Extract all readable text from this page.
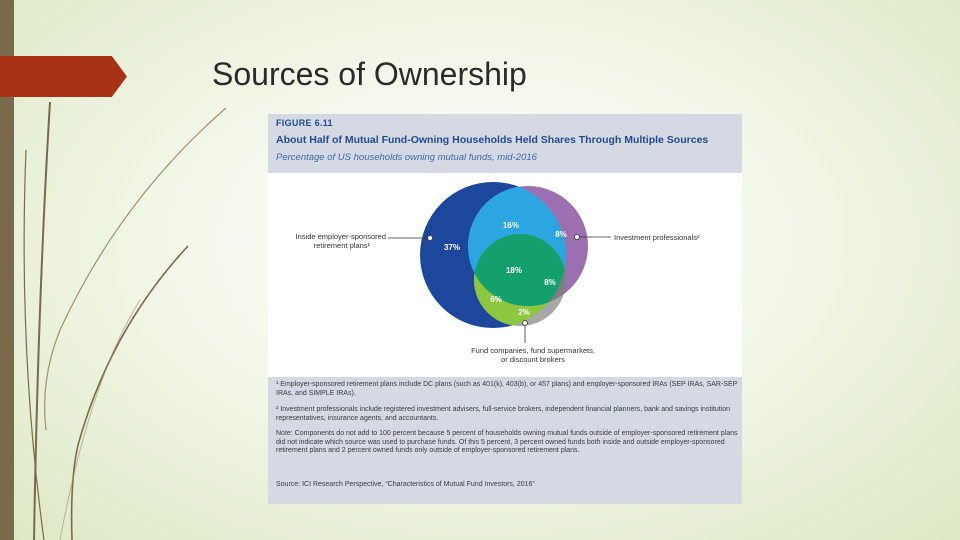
Sources of Ownership
FIGURE 6.11
About Half of Mutual Fund-Owning Households Held Shares Through Multiple Sources
Percentage of US households owning mutual funds, mid-2016
Inside employer-sponsored
retirement plans¹
Investment professionals²
Fund companies, fund supermarkets,
or discount brokers
37%
16%
8%
18%
8%
6%
2%
¹ Employer-sponsored retirement plans include DC plans (such as 401(k), 403(b), or 457 plans) and employer-sponsored IRAs (SEP IRAs, SAR-SEP IRAs, and SIMPLE IRAs).
² Investment professionals include registered investment advisers, full-service brokers, independent financial planners, bank and savings institution representatives, insurance agents, and accountants.
Note: Components do not add to 100 percent because 5 percent of households owning mutual funds outside of employer-sponsored retirement plans did not indicate which source was used to purchase funds. Of this 5 percent, 3 percent owned funds both inside and outside employer-sponsored retirement plans and 2 percent owned funds only outside of employer-sponsored retirement plans.
Source: ICI Research Perspective, “Characteristics of Mutual Fund Investors, 2016”
